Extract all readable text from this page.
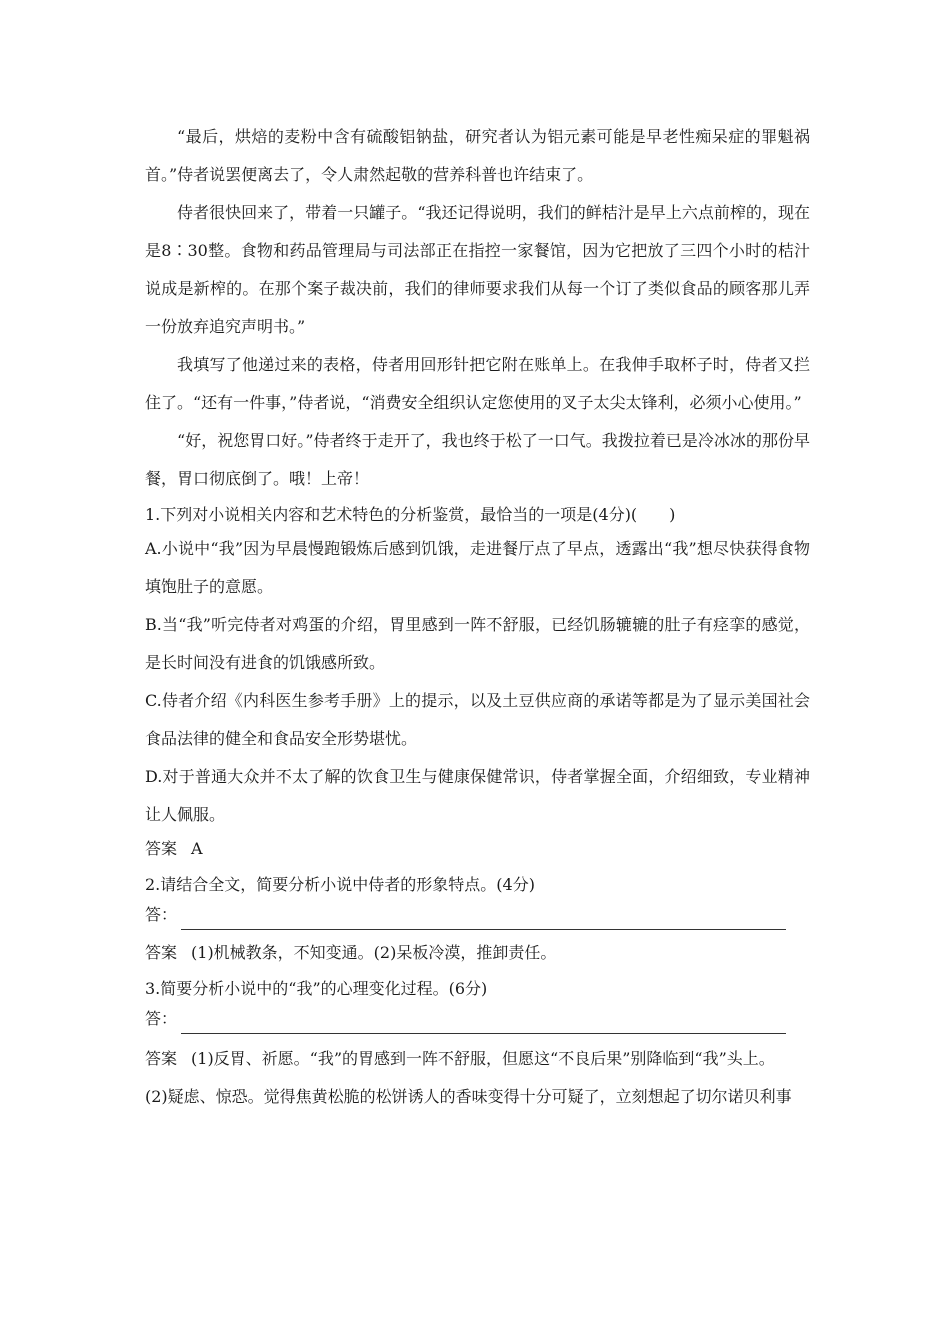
“最后，烘焙的麦粉中含有硫酸铝钠盐，研究者认为铝元素可能是早老性痴呆症的罪魁祸首。”侍者说罢便离去了，令人肃然起敬的营养科普也许结束了。

侍者很快回来了，带着一只罐子。“我还记得说明，我们的鲜桔汁是早上六点前榨的，现在是8∶30整。食物和药品管理局与司法部正在指控一家餐馆，因为它把放了三四个小时的桔汁说成是新榨的。在那个案子裁决前，我们的律师要求我们从每一个订了类似食品的顾客那儿弄一份放弃追究声明书。”

我填写了他递过来的表格，侍者用回形针把它附在账单上。在我伸手取杯子时，侍者又拦住了。“还有一件事，”侍者说，“消费安全组织认定您使用的叉子太尖太锋利，必须小心使用。”

“好，祝您胃口好。”侍者终于走开了，我也终于松了一口气。我拨拉着已是冷冰冰的那份早餐，胃口彻底倒了。哦！上帝！

1.下列对小说相关内容和艺术特色的分析鉴赏，最恰当的一项是(4分)(　　)

A.小说中“我”因为早晨慢跑锻炼后感到饥饿，走进餐厅点了早点，透露出“我”想尽快获得食物填饱肚子的意愿。

B.当“我”听完侍者对鸡蛋的介绍，胃里感到一阵不舒服，已经饥肠辘辘的肚子有痉挛的感觉，是长时间没有进食的饥饿感所致。

C.侍者介绍《内科医生参考手册》上的提示，以及土豆供应商的承诺等都是为了显示美国社会食品法律的健全和食品安全形势堪忧。

D.对于普通大众并不太了解的饮食卫生与健康保健常识，侍者掌握全面，介绍细致，专业精神让人佩服。

答案 A

2.请结合全文，简要分析小说中侍者的形象特点。(4分)

答：

答案 (1)机械教条，不知变通。(2)呆板冷漠，推卸责任。

3.简要分析小说中的“我”的心理变化过程。(6分)

答：

答案 (1)反胃、祈愿。“我”的胃感到一阵不舒服，但愿这“不良后果”别降临到“我”头上。

(2)疑虑、惊恐。觉得焦黄松脆的松饼诱人的香味变得十分可疑了，立刻想起了切尔诺贝利事
